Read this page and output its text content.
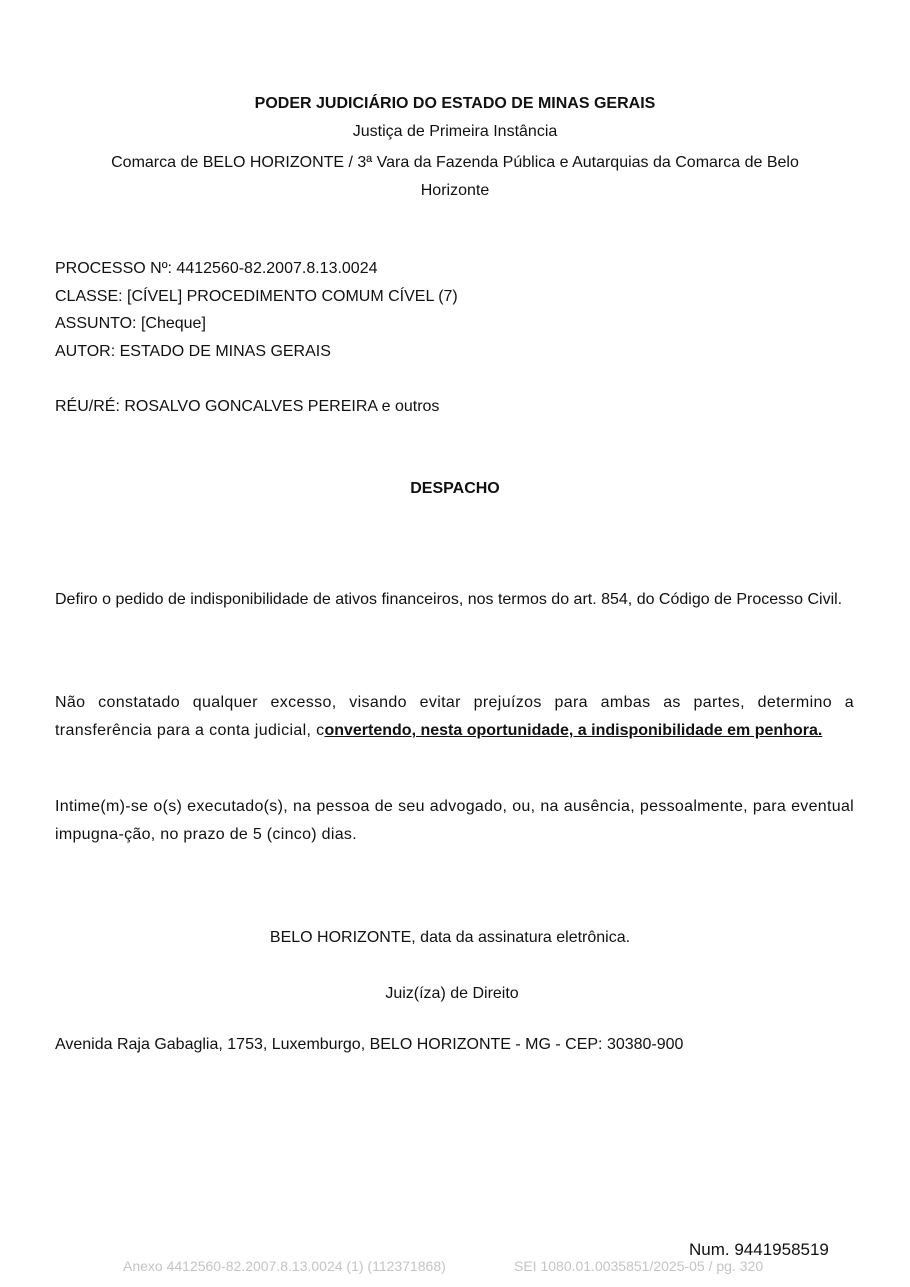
PODER JUDICIÁRIO DO ESTADO DE MINAS GERAIS
Justiça de Primeira Instância
Comarca de BELO HORIZONTE / 3ª Vara da Fazenda Pública e Autarquias da Comarca de Belo Horizonte
PROCESSO Nº: 4412560-82.2007.8.13.0024
CLASSE: [CÍVEL] PROCEDIMENTO COMUM CÍVEL (7)
ASSUNTO: [Cheque]
AUTOR: ESTADO DE MINAS GERAIS
RÉU/RÉ: ROSALVO GONCALVES PEREIRA e outros
DESPACHO
Defiro o pedido de indisponibilidade de ativos financeiros, nos termos do art. 854, do Código de Processo Civil.
Não constatado qualquer excesso, visando evitar prejuízos para ambas as partes, determino a transferência para a conta judicial, convertendo, nesta oportunidade, a indisponibilidade em penhora.
Intime(m)-se o(s) executado(s), na pessoa de seu advogado, ou, na ausência, pessoalmente, para eventual impugna-ção, no prazo de 5 (cinco) dias.
BELO HORIZONTE, data da assinatura eletrônica.
Juiz(íza) de Direito
Avenida Raja Gabaglia, 1753, Luxemburgo, BELO HORIZONTE - MG - CEP: 30380-900
Num. 9441958519
Anexo 4412560-82.2007.8.13.0024 (1) (112371868)	SEI 1080.01.0035851/2025-05 / pg. 320
